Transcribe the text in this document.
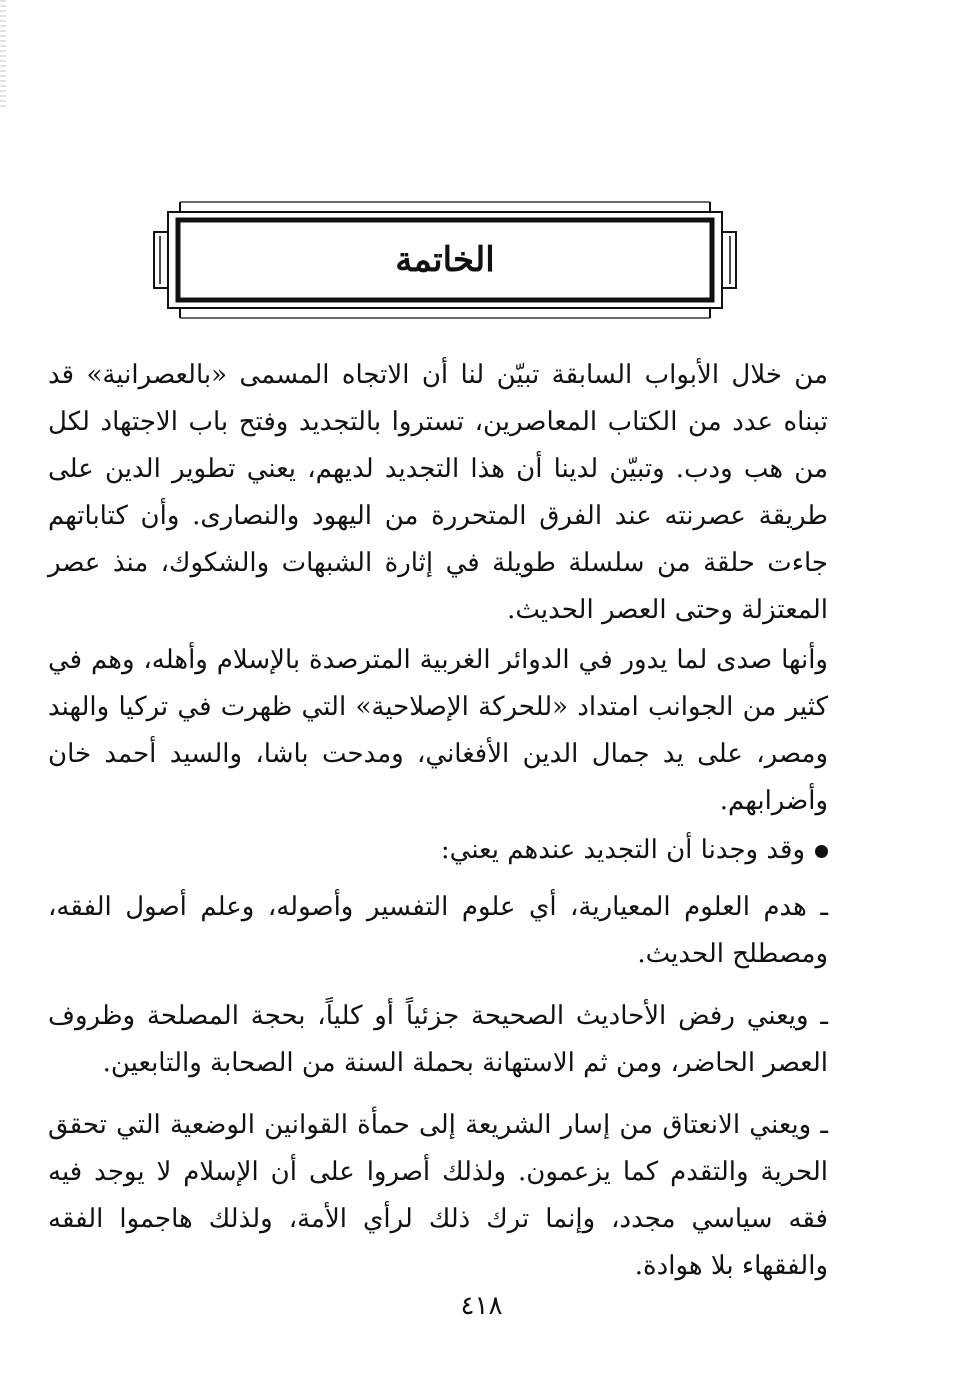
الخاتمة

من خلال الأبواب السابقة تبيّن لنا أن الاتجاه المسمى «بالعصرانية» قد تبناه عدد من الكتاب المعاصرين، تستروا بالتجديد وفتح باب الاجتهاد لكل من هب ودب. وتبيّن لدينا أن هذا التجديد لديهم، يعني تطوير الدين على طريقة عصرنته عند الفرق المتحررة من اليهود والنصارى. وأن كتاباتهم جاءت حلقة من سلسلة طويلة في إثارة الشبهات والشكوك، منذ عصر المعتزلة وحتى العصر الحديث.

وأنها صدى لما يدور في الدوائر الغربية المترصدة بالإسلام وأهله، وهم في كثير من الجوانب امتداد «للحركة الإصلاحية» التي ظهرت في تركيا والهند ومصر، على يد جمال الدين الأفغاني، ومدحت باشا، والسيد أحمد خان وأضرابهم.

وقد وجدنا أن التجديد عندهم يعني:

ـ هدم العلوم المعيارية، أي علوم التفسير وأصوله، وعلم أصول الفقه، ومصطلح الحديث.

ـ ويعني رفض الأحاديث الصحيحة جزئياً أو كلياً، بحجة المصلحة وظروف العصر الحاضر، ومن ثم الاستهانة بحملة السنة من الصحابة والتابعين.

ـ ويعني الانعتاق من إسار الشريعة إلى حمأة القوانين الوضعية التي تحقق الحرية والتقدم كما يزعمون. ولذلك أصروا على أن الإسلام لا يوجد فيه فقه سياسي مجدد، وإنما ترك ذلك لرأي الأمة، ولذلك هاجموا الفقه والفقهاء بلا هوادة.

٤١٨
